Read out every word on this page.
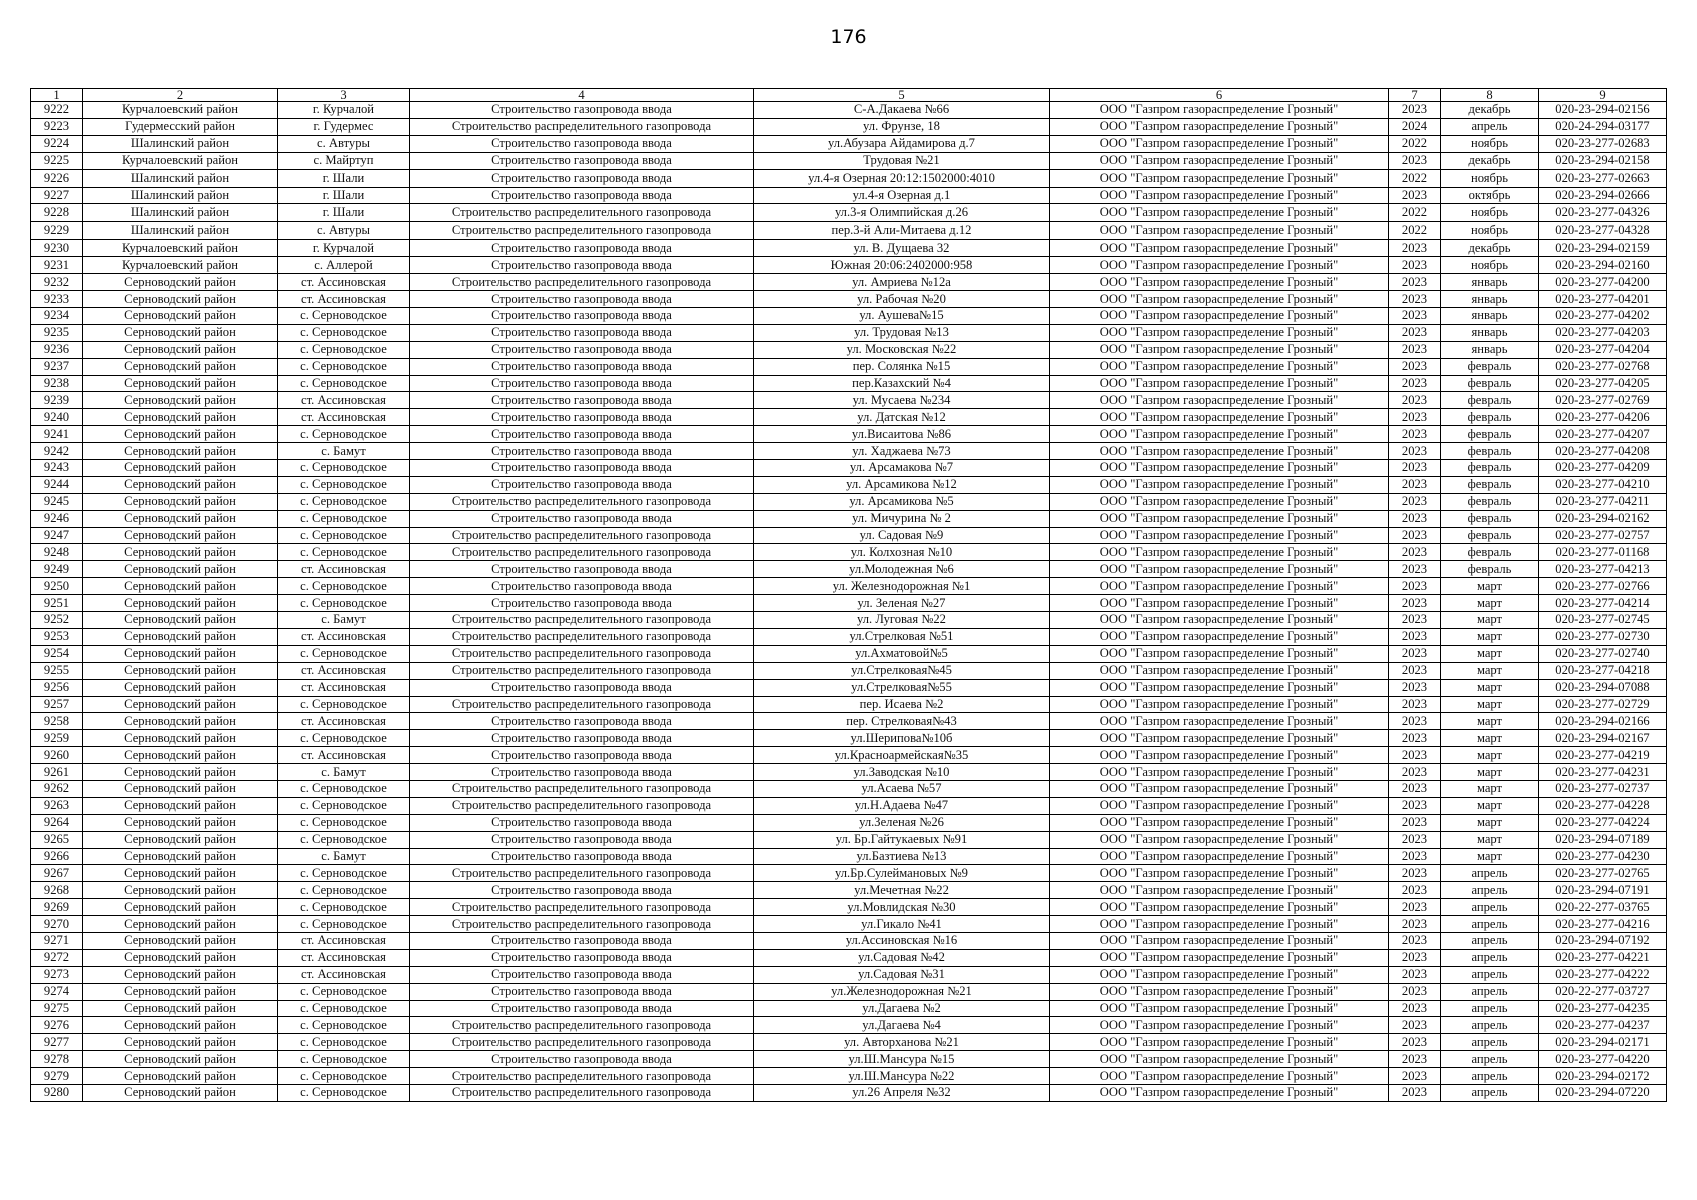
176
1	2	3	4	5	6	7	8	9
9222	Курчалоевский район	г. Курчалой	Строительство газопровода ввода	С-А.Дакаева №66	ООО "Газпром газораспределение Грозный"	2023	декабрь	020-23-294-02156
9223	Гудермесский район	г. Гудермес	Строительство распределительного газопровода	ул. Фрунзе, 18	ООО "Газпром газораспределение Грозный"	2024	апрель	020-24-294-03177
9224	Шалинский район	с. Автуры	Строительство газопровода ввода	ул.Абузара Айдамирова д.7	ООО "Газпром газораспределение Грозный"	2022	ноябрь	020-23-277-02683
9225	Курчалоевский район	с. Майртуп	Строительство газопровода ввода	Трудовая №21	ООО "Газпром газораспределение Грозный"	2023	декабрь	020-23-294-02158
9226	Шалинский район	г. Шали	Строительство газопровода ввода	ул.4-я Озерная 20:12:1502000:4010	ООО "Газпром газораспределение Грозный"	2022	ноябрь	020-23-277-02663
9227	Шалинский район	г. Шали	Строительство газопровода ввода	ул.4-я Озерная д.1	ООО "Газпром газораспределение Грозный"	2023	октябрь	020-23-294-02666
9228	Шалинский район	г. Шали	Строительство распределительного газопровода	ул.3-я Олимпийская д.26	ООО "Газпром газораспределение Грозный"	2022	ноябрь	020-23-277-04326
9229	Шалинский район	с. Автуры	Строительство распределительного газопровода	пер.3-й Али-Митаева д.12	ООО "Газпром газораспределение Грозный"	2022	ноябрь	020-23-277-04328
9230	Курчалоевский район	г. Курчалой	Строительство газопровода ввода	ул. В. Дущаева 32	ООО "Газпром газораспределение Грозный"	2023	декабрь	020-23-294-02159
9231	Курчалоевский район	с. Аллерой	Строительство газопровода ввода	Южная 20:06:2402000:958	ООО "Газпром газораспределение Грозный"	2023	ноябрь	020-23-294-02160
9232	Серноводский район	ст. Ассиновская	Строительство распределительного газопровода	ул. Амриева №12а	ООО "Газпром газораспределение Грозный"	2023	январь	020-23-277-04200
9233	Серноводский район	ст. Ассиновская	Строительство газопровода ввода	ул. Рабочая №20	ООО "Газпром газораспределение Грозный"	2023	январь	020-23-277-04201
9234	Серноводский район	с. Серноводское	Строительство газопровода ввода	ул. Аушева№15	ООО "Газпром газораспределение Грозный"	2023	январь	020-23-277-04202
9235	Серноводский район	с. Серноводское	Строительство газопровода ввода	ул. Трудовая №13	ООО "Газпром газораспределение Грозный"	2023	январь	020-23-277-04203
9236	Серноводский район	с. Серноводское	Строительство газопровода ввода	ул. Московская №22	ООО "Газпром газораспределение Грозный"	2023	январь	020-23-277-04204
9237	Серноводский район	с. Серноводское	Строительство газопровода ввода	пер. Солянка №15	ООО "Газпром газораспределение Грозный"	2023	февраль	020-23-277-02768
9238	Серноводский район	с. Серноводское	Строительство газопровода ввода	пер.Казахский №4	ООО "Газпром газораспределение Грозный"	2023	февраль	020-23-277-04205
9239	Серноводский район	ст. Ассиновская	Строительство газопровода ввода	ул. Мусаева №234	ООО "Газпром газораспределение Грозный"	2023	февраль	020-23-277-02769
9240	Серноводский район	ст. Ассиновская	Строительство газопровода ввода	ул. Датская №12	ООО "Газпром газораспределение Грозный"	2023	февраль	020-23-277-04206
9241	Серноводский район	с. Серноводское	Строительство газопровода ввода	ул.Висаитова №86	ООО "Газпром газораспределение Грозный"	2023	февраль	020-23-277-04207
9242	Серноводский район	с. Бамут	Строительство газопровода ввода	ул. Хаджаева №73	ООО "Газпром газораспределение Грозный"	2023	февраль	020-23-277-04208
9243	Серноводский район	с. Серноводское	Строительство газопровода ввода	ул. Арсамакова №7	ООО "Газпром газораспределение Грозный"	2023	февраль	020-23-277-04209
9244	Серноводский район	с. Серноводское	Строительство газопровода ввода	ул. Арсамикова №12	ООО "Газпром газораспределение Грозный"	2023	февраль	020-23-277-04210
9245	Серноводский район	с. Серноводское	Строительство распределительного газопровода	ул. Арсамикова №5	ООО "Газпром газораспределение Грозный"	2023	февраль	020-23-277-04211
9246	Серноводский район	с. Серноводское	Строительство газопровода ввода	ул. Мичурина № 2	ООО "Газпром газораспределение Грозный"	2023	февраль	020-23-294-02162
9247	Серноводский район	с. Серноводское	Строительство распределительного газопровода	ул. Садовая №9	ООО "Газпром газораспределение Грозный"	2023	февраль	020-23-277-02757
9248	Серноводский район	с. Серноводское	Строительство распределительного газопровода	ул. Колхозная №10	ООО "Газпром газораспределение Грозный"	2023	февраль	020-23-277-01168
9249	Серноводский район	ст. Ассиновская	Строительство газопровода ввода	ул.Молодежная №6	ООО "Газпром газораспределение Грозный"	2023	февраль	020-23-277-04213
9250	Серноводский район	с. Серноводское	Строительство газопровода ввода	ул. Железнодорожная №1	ООО "Газпром газораспределение Грозный"	2023	март	020-23-277-02766
9251	Серноводский район	с. Серноводское	Строительство газопровода ввода	ул. Зеленая №27	ООО "Газпром газораспределение Грозный"	2023	март	020-23-277-04214
9252	Серноводский район	с. Бамут	Строительство распределительного газопровода	ул. Луговая №22	ООО "Газпром газораспределение Грозный"	2023	март	020-23-277-02745
9253	Серноводский район	ст. Ассиновская	Строительство распределительного газопровода	ул.Стрелковая №51	ООО "Газпром газораспределение Грозный"	2023	март	020-23-277-02730
9254	Серноводский район	с. Серноводское	Строительство распределительного газопровода	ул.Ахматовой№5	ООО "Газпром газораспределение Грозный"	2023	март	020-23-277-02740
9255	Серноводский район	ст. Ассиновская	Строительство распределительного газопровода	ул.Стрелковая№45	ООО "Газпром газораспределение Грозный"	2023	март	020-23-277-04218
9256	Серноводский район	ст. Ассиновская	Строительство газопровода ввода	ул.Стрелковая№55	ООО "Газпром газораспределение Грозный"	2023	март	020-23-294-07088
9257	Серноводский район	с. Серноводское	Строительство распределительного газопровода	пер. Исаева №2	ООО "Газпром газораспределение Грозный"	2023	март	020-23-277-02729
9258	Серноводский район	ст. Ассиновская	Строительство газопровода ввода	пер. Стрелковая№43	ООО "Газпром газораспределение Грозный"	2023	март	020-23-294-02166
9259	Серноводский район	с. Серноводское	Строительство газопровода ввода	ул.Шерипова№10б	ООО "Газпром газораспределение Грозный"	2023	март	020-23-294-02167
9260	Серноводский район	ст. Ассиновская	Строительство газопровода ввода	ул.Красноармейская№35	ООО "Газпром газораспределение Грозный"	2023	март	020-23-277-04219
9261	Серноводский район	с. Бамут	Строительство газопровода ввода	ул.Заводская №10	ООО "Газпром газораспределение Грозный"	2023	март	020-23-277-04231
9262	Серноводский район	с. Серноводское	Строительство распределительного газопровода	ул.Асаева №57	ООО "Газпром газораспределение Грозный"	2023	март	020-23-277-02737
9263	Серноводский район	с. Серноводское	Строительство распределительного газопровода	ул.Н.Адаева №47	ООО "Газпром газораспределение Грозный"	2023	март	020-23-277-04228
9264	Серноводский район	с. Серноводское	Строительство газопровода ввода	ул.Зеленая №26	ООО "Газпром газораспределение Грозный"	2023	март	020-23-277-04224
9265	Серноводский район	с. Серноводское	Строительство газопровода ввода	ул. Бр.Гайтукаевых №91	ООО "Газпром газораспределение Грозный"	2023	март	020-23-294-07189
9266	Серноводский район	с. Бамут	Строительство газопровода ввода	ул.Базтиева №13	ООО "Газпром газораспределение Грозный"	2023	март	020-23-277-04230
9267	Серноводский район	с. Серноводское	Строительство распределительного газопровода	ул.Бр.Сулеймановых №9	ООО "Газпром газораспределение Грозный"	2023	апрель	020-23-277-02765
9268	Серноводский район	с. Серноводское	Строительство газопровода ввода	ул.Мечетная №22	ООО "Газпром газораспределение Грозный"	2023	апрель	020-23-294-07191
9269	Серноводский район	с. Серноводское	Строительство распределительного газопровода	ул.Мовлидская №30	ООО "Газпром газораспределение Грозный"	2023	апрель	020-22-277-03765
9270	Серноводский район	с. Серноводское	Строительство распределительного газопровода	ул.Гикало №41	ООО "Газпром газораспределение Грозный"	2023	апрель	020-23-277-04216
9271	Серноводский район	ст. Ассиновская	Строительство газопровода ввода	ул.Ассиновская №16	ООО "Газпром газораспределение Грозный"	2023	апрель	020-23-294-07192
9272	Серноводский район	ст. Ассиновская	Строительство газопровода ввода	ул.Садовая №42	ООО "Газпром газораспределение Грозный"	2023	апрель	020-23-277-04221
9273	Серноводский район	ст. Ассиновская	Строительство газопровода ввода	ул.Садовая №31	ООО "Газпром газораспределение Грозный"	2023	апрель	020-23-277-04222
9274	Серноводский район	с. Серноводское	Строительство газопровода ввода	ул.Железнодорожная №21	ООО "Газпром газораспределение Грозный"	2023	апрель	020-22-277-03727
9275	Серноводский район	с. Серноводское	Строительство газопровода ввода	ул.Дагаева №2	ООО "Газпром газораспределение Грозный"	2023	апрель	020-23-277-04235
9276	Серноводский район	с. Серноводское	Строительство распределительного газопровода	ул.Дагаева №4	ООО "Газпром газораспределение Грозный"	2023	апрель	020-23-277-04237
9277	Серноводский район	с. Серноводское	Строительство распределительного газопровода	ул. Авторханова №21	ООО "Газпром газораспределение Грозный"	2023	апрель	020-23-294-02171
9278	Серноводский район	с. Серноводское	Строительство газопровода ввода	ул.Ш.Мансура №15	ООО "Газпром газораспределение Грозный"	2023	апрель	020-23-277-04220
9279	Серноводский район	с. Серноводское	Строительство распределительного газопровода	ул.Ш.Мансура №22	ООО "Газпром газораспределение Грозный"	2023	апрель	020-23-294-02172
9280	Серноводский район	с. Серноводское	Строительство распределительного газопровода	ул.26 Апреля №32	ООО "Газпром газораспределение Грозный"	2023	апрель	020-23-294-07220
